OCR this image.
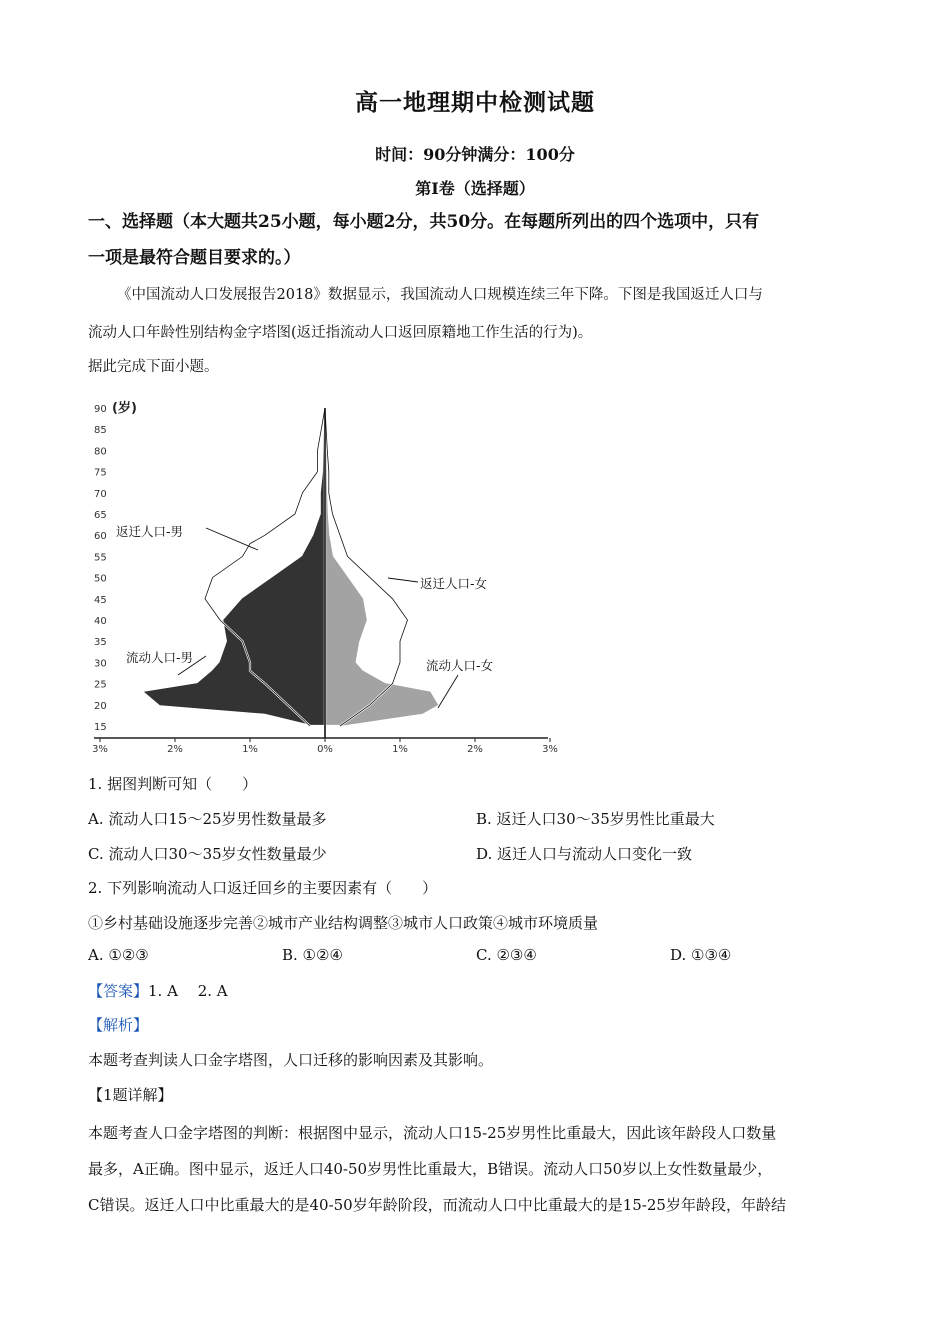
高一地理期中检测试题
时间：90分钟满分：100分
第Ⅰ卷（选择题）
一、选择题（本大题共25小题，每小题2分，共50分。在每题所列出的四个选项中，只有
一项是最符合题目要求的。）
《中国流动人口发展报告2018》数据显示，我国流动人口规模连续三年下降。下图是我国返迁人口与
流动人口年龄性别结构金字塔图(返迁指流动人口返回原籍地工作生活的行为)。
据此完成下面小题。
90
85
80
75
70
65
60
55
50
45
40
35
30
25
20
15
(岁)
3%	2%	1%	0%	1%	2%	3%
返迁人口-男
返迁人口-女
流动人口-男
流动人口-女
1. 据图判断可知（　　）
A. 流动人口15～25岁男性数量最多	B. 返迁人口30～35岁男性比重最大
C. 流动人口30～35岁女性数量最少	D. 返迁人口与流动人口变化一致
2. 下列影响流动人口返迁回乡的主要因素有（　　）
①乡村基础设施逐步完善②城市产业结构调整③城市人口政策④城市环境质量
A. ①②③	B. ①②④	C. ②③④	D. ①③④
【答案】1. A　 2. A
【解析】
本题考查判读人口金字塔图，人口迁移的影响因素及其影响。
【1题详解】
本题考查人口金字塔图的判断：根据图中显示，流动人口15-25岁男性比重最大，因此该年龄段人口数量
最多，A正确。图中显示，返迁人口40-50岁男性比重最大，B错误。流动人口50岁以上女性数量最少，
C错误。返迁人口中比重最大的是40-50岁年龄阶段，而流动人口中比重最大的是15-25岁年龄段，年龄结
